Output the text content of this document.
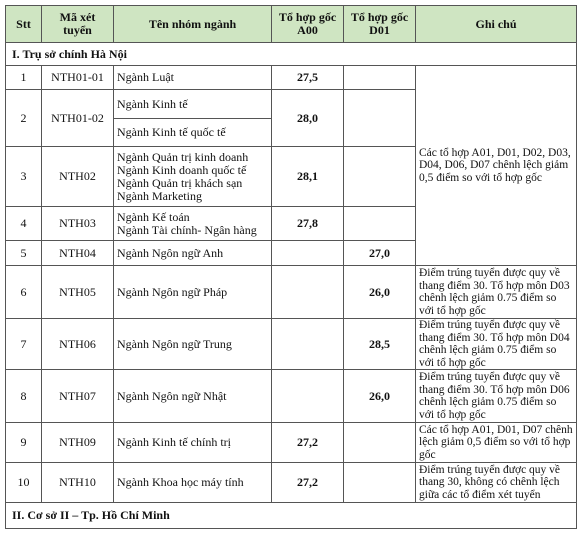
Stt	Mã xét tuyển	Tên nhóm ngành	Tổ hợp gốc A00	Tổ hợp gốc D01	Ghi chú
I. Trụ sở chính Hà Nội					
1	NTH01-01	Ngành Luật	27,5		Các tổ hợp A01, D01, D02, D03, D04, D06, D07 chênh lệch giảm 0,5 điểm so với tổ hợp gốc
2	NTH01-02	Ngành Kinh tế	28,0		
		Ngành Kinh tế quốc tế			
3	NTH02	Ngành Quản trị kinh doanh
Ngành Kinh doanh quốc tế
Ngành Quản trị khách sạn
Ngành Marketing	28,1		
4	NTH03	Ngành Kế toán
Ngành Tài chính- Ngân hàng	27,8		
5	NTH04	Ngành Ngôn ngữ Anh		27,0	
6	NTH05	Ngành Ngôn ngữ Pháp		26,0	Điểm trúng tuyển được quy về thang điểm 30. Tổ hợp môn D03 chênh lệch giảm 0.75 điểm so với tổ hợp gốc
7	NTH06	Ngành Ngôn ngữ Trung		28,5	Điểm trúng tuyển được quy về thang điểm 30. Tổ hợp môn D04 chênh lệch giảm 0.75 điểm so với tổ hợp gốc
8	NTH07	Ngành Ngôn ngữ Nhật		26,0	Điểm trúng tuyển được quy về thang điểm 30. Tổ hợp môn D06 chênh lệch giảm 0.75 điểm so với tổ hợp gốc
9	NTH09	Ngành Kinh tế chính trị	27,2		Các tổ hợp A01, D01, D07 chênh lệch giảm 0,5 điểm so với tổ hợp gốc
10	NTH10	Ngành Khoa học máy tính	27,2		Điểm trúng tuyển được quy về thang 30, không có chênh lệch giữa các tổ điểm xét tuyển
II. Cơ sở II – Tp. Hồ Chí Minh					
